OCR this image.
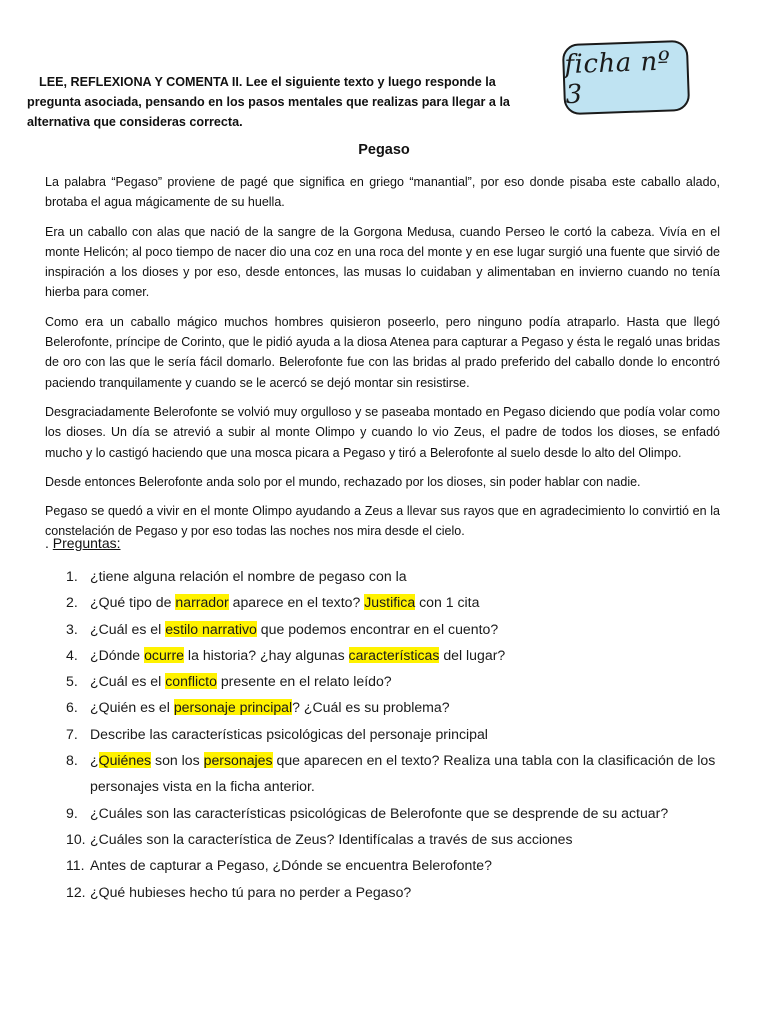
LEE, REFLEXIONA Y COMENTA II. Lee el siguiente texto y luego responde la pregunta asociada, pensando en los pasos mentales que realizas para llegar a la alternativa que consideras correcta.

ficha nº 3
Pegaso

La palabra “Pegaso” proviene de pagé que significa en griego “manantial”, por eso donde pisaba este caballo alado, brotaba el agua mágicamente de su huella.

Era un caballo con alas que nació de la sangre de la Gorgona Medusa, cuando Perseo le cortó la cabeza. Vivía en el monte Helicón; al poco tiempo de nacer dio una coz en una roca del monte y en ese lugar surgió una fuente que sirvió de inspiración a los dioses y por eso, desde entonces, las musas lo cuidaban y alimentaban en invierno cuando no tenía hierba para comer.

Como era un caballo mágico muchos hombres quisieron poseerlo, pero ninguno podía atraparlo. Hasta que llegó Belerofonte, príncipe de Corinto, que le pidió ayuda a la diosa Atenea para capturar a Pegaso y ésta le regaló unas bridas de oro con las que le sería fácil domarlo. Belerofonte fue con las bridas al prado preferido del caballo donde lo encontró paciendo tranquilamente y cuando se le acercó se dejó montar sin resistirse.

Desgraciadamente Belerofonte se volvió muy orgulloso y se paseaba montado en Pegaso diciendo que podía volar como los dioses. Un día se atrevió a subir al monte Olimpo y cuando lo vio Zeus, el padre de todos los dioses, se enfadó mucho y lo castigó haciendo que una mosca picara a Pegaso y tiró a Belerofonte al suelo desde lo alto del Olimpo.

Desde entonces Belerofonte anda solo por el mundo, rechazado por los dioses, sin poder hablar con nadie.

Pegaso se quedó a vivir en el monte Olimpo ayudando a Zeus a llevar sus rayos que en agradecimiento lo convirtió en la constelación de Pegaso y por eso todas las noches nos mira desde el cielo.

. Preguntas:

1. ¿tiene alguna relación el nombre de pegaso con la
2. ¿Qué tipo de narrador aparece en el texto? Justifica con 1 cita
3. ¿Cuál es el estilo narrativo que podemos encontrar en el cuento?
4. ¿Dónde ocurre la historia? ¿hay algunas características del lugar?
5. ¿Cuál es el conflicto presente en el relato leído?
6. ¿Quién es el personaje principal? ¿Cuál es su problema?
7. Describe las características psicológicas del personaje principal
8. ¿Quiénes son los personajes que aparecen en el texto? Realiza una tabla con la clasificación de los personajes vista en la ficha anterior.
9. ¿Cuáles son las características psicológicas de Belerofonte que se desprende de su actuar?
10. ¿Cuáles son la característica de Zeus? Identifícalas a través de sus acciones
11. Antes de capturar a Pegaso, ¿Dónde se encuentra Belerofonte?
12. ¿Qué hubieses hecho tú para no perder a Pegaso?
